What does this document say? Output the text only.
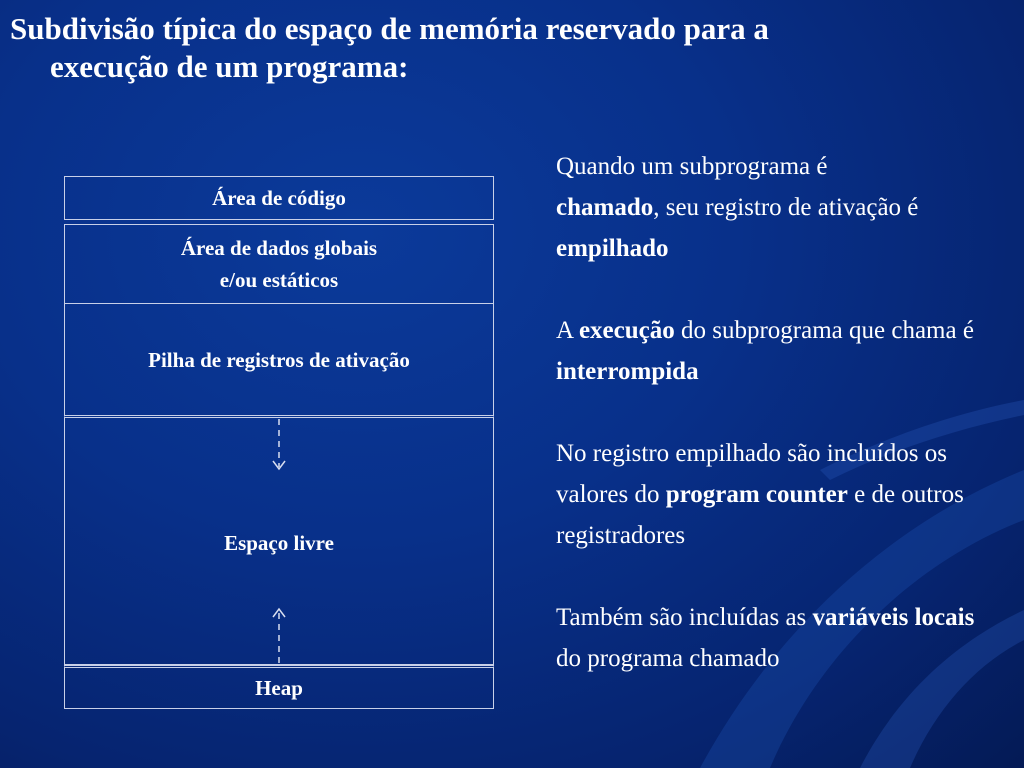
Subdivisão típica do espaço de memória reservado para a
execução de um programa:
Área de código
Área de dados globais
e/ou estáticos
Pilha de registros de ativação
Espaço livre
Heap

Quando um subprograma é
chamado, seu registro de ativação é empilhado

A execução do subprograma que chama é interrompida

No registro empilhado são incluídos os valores do program counter e de outros registradores

Também são incluídas as variáveis locais do programa chamado
